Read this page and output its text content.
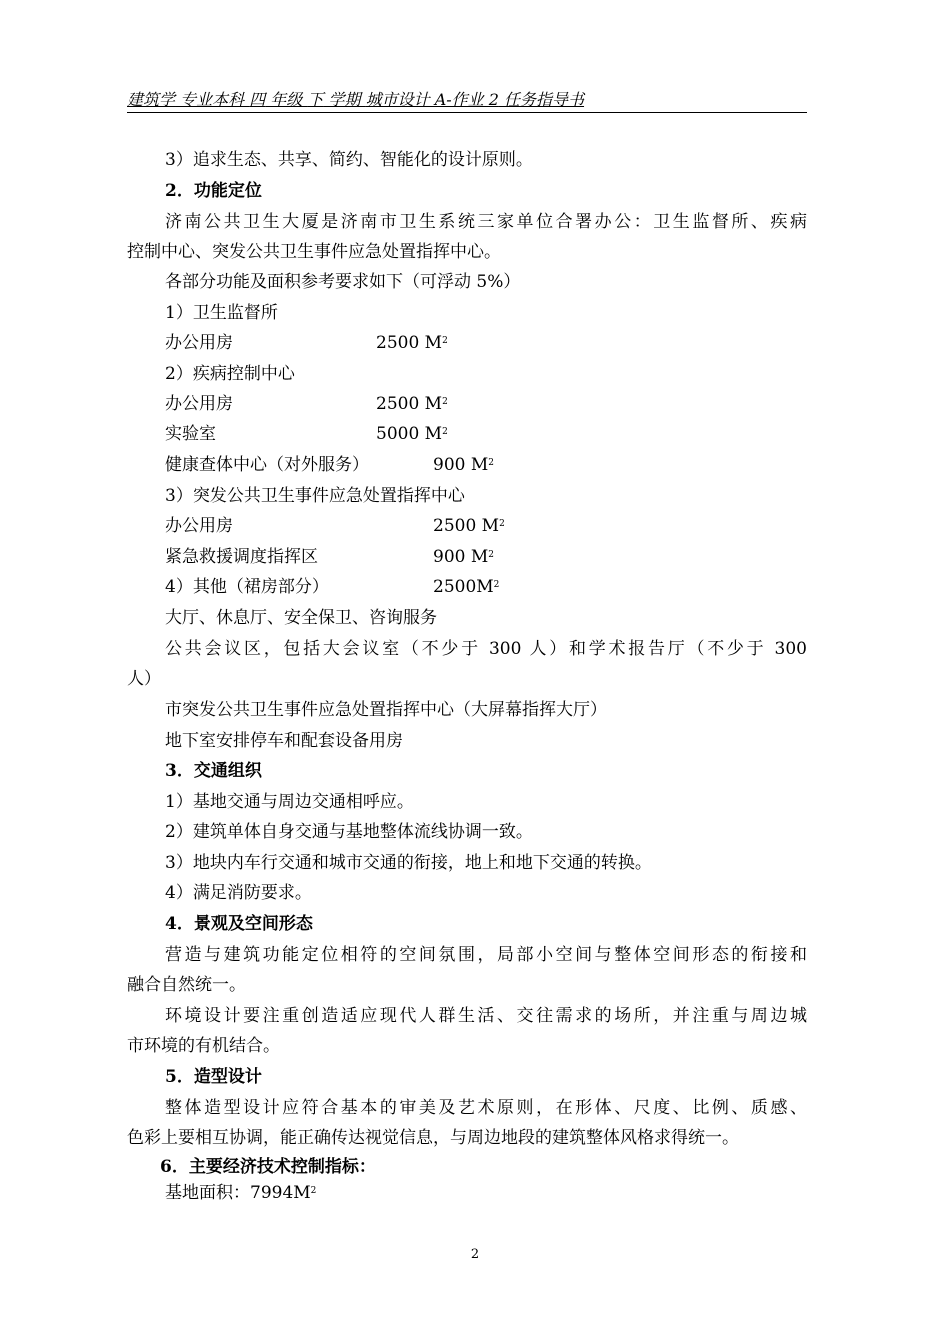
建筑学 专业本科 四 年级 下 学期 城市设计 A-作业 2 任务指导书
3）追求生态、共享、简约、智能化的设计原则。
2．功能定位
济南公共卫生大厦是济南市卫生系统三家单位合署办公：卫生监督所、疾病
控制中心、突发公共卫生事件应急处置指挥中心。
各部分功能及面积参考要求如下（可浮动 5%）
1）卫生监督所
办公用房	2500 $M^2$
2）疾病控制中心
办公用房	2500 $M^2$
实验室	5000 $M^2$
健康查体中心（对外服务）	900 $M^2$
3）突发公共卫生事件应急处置指挥中心
办公用房	2500 $M^2$
紧急救援调度指挥区	900 $M^2$
4）其他（裙房部分）	$2500M^2$
大厅、休息厅、安全保卫、咨询服务
公共会议区，包括大会议室（不少于 300 人）和学术报告厅（不少于 300
人）
市突发公共卫生事件应急处置指挥中心（大屏幕指挥大厅）
地下室安排停车和配套设备用房
3．交通组织
1）基地交通与周边交通相呼应。
2）建筑单体自身交通与基地整体流线协调一致。
3）地块内车行交通和城市交通的衔接，地上和地下交通的转换。
4）满足消防要求。
4．景观及空间形态
营造与建筑功能定位相符的空间氛围，局部小空间与整体空间形态的衔接和
融合自然统一。
环境设计要注重创造适应现代人群生活、交往需求的场所，并注重与周边城
市环境的有机结合。
5．造型设计
整体造型设计应符合基本的审美及艺术原则，在形体、尺度、比例、质感、
色彩上要相互协调，能正确传达视觉信息，与周边地段的建筑整体风格求得统一。
6．主要经济技术控制指标：
基地面积：$7994M^2$
2
